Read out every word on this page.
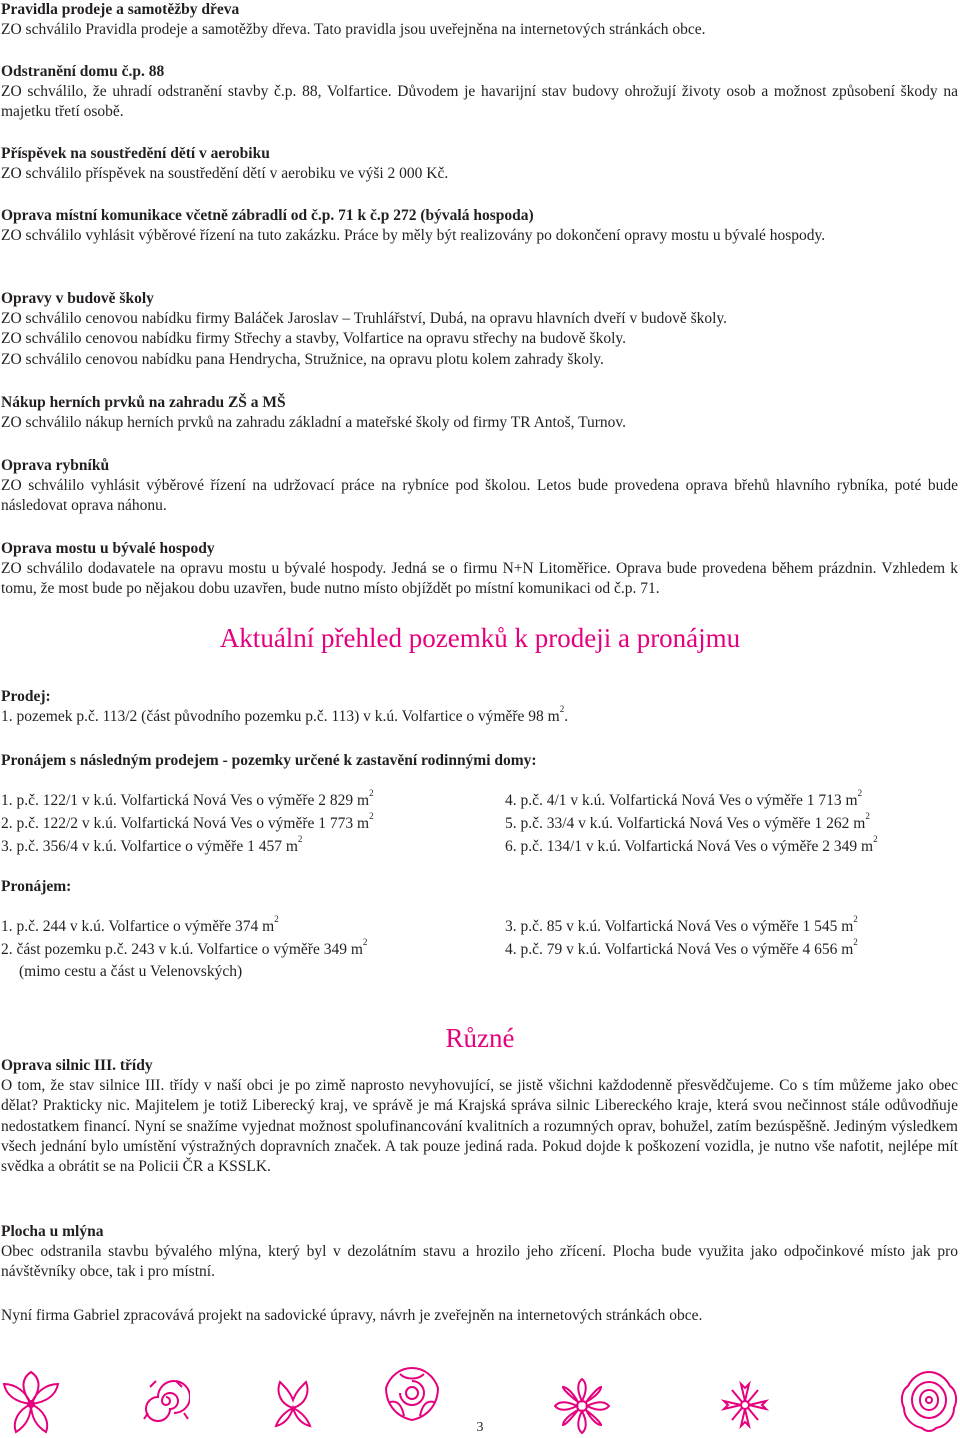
Pravidla prodeje a samotěžby dřeva

ZO schválilo Pravidla prodeje a samotěžby dřeva. Tato pravidla jsou uveřejněna na internetových stránkách obce.

Odstranění domu č.p. 88

ZO schválilo, že uhradí odstranění stavby č.p. 88, Volfartice. Důvodem je havarijní stav budovy ohrožují životy osob a možnost způsobení škody na majetku třetí osobě.

Příspěvek na soustředění dětí v aerobiku

ZO schválilo příspěvek na soustředění dětí v aerobiku ve výši 2 000 Kč.

Oprava místní komunikace včetně zábradlí od č.p. 71 k č.p 272 (bývalá hospoda)

ZO schválilo vyhlásit výběrové řízení na tuto zakázku. Práce by měly být realizovány po dokončení opravy mostu u bývalé hospody.

Opravy v budově školy

ZO schválilo cenovou nabídku firmy Baláček Jaroslav – Truhlářství, Dubá, na opravu hlavních dveří v budově školy.

ZO schválilo cenovou nabídku firmy Střechy a stavby, Volfartice na opravu střechy na budově školy.

ZO schválilo cenovou nabídku pana Hendrycha, Stružnice, na opravu plotu kolem zahrady školy.

Nákup herních prvků na zahradu ZŠ a MŠ

ZO schválilo nákup herních prvků na zahradu základní a mateřské školy od firmy TR Antoš, Turnov.

Oprava rybníků

ZO schválilo vyhlásit výběrové řízení na udržovací práce na rybníce pod školou. Letos bude provedena oprava břehů hlavního rybníka, poté bude následovat oprava náhonu.

Oprava mostu u bývalé hospody

ZO schválilo dodavatele na opravu mostu u bývalé hospody. Jedná se o firmu N+N Litoměřice. Oprava bude provedena během prázdnin. Vzhledem k tomu, že most bude po nějakou dobu uzavřen, bude nutno místo objíždět po místní komunikaci od č.p. 71.

Aktuální přehled pozemků k prodeji a pronájmu

Prodej:

1. pozemek p.č. 113/2 (část původního pozemku p.č. 113) v k.ú. Volfartice o výměře 98 $m^2$.

Pronájem s následným prodejem - pozemky určené k zastavění rodinnými domy:

1. p.č. 122/1 v k.ú. Volfartická Nová Ves o výměře 2 829 $m^2$	4. p.č. 4/1 v k.ú. Volfartická Nová Ves o výměře 1 713 $m^2$
2. p.č. 122/2 v k.ú. Volfartická Nová Ves o výměře 1 773 $m^2$	5. p.č. 33/4 v k.ú. Volfartická Nová Ves o výměře 1 262 $m^2$
3. p.č. 356/4 v k.ú. Volfartice o výměře 1 457 $m^2$	6. p.č. 134/1 v k.ú. Volfartická Nová Ves o výměře 2 349 $m^2$

Pronájem:

1. p.č. 244 v k.ú. Volfartice o výměře 374 $m^2$	3. p.č. 85 v k.ú. Volfartická Nová Ves o výměře 1 545 $m^2$
2. část pozemku p.č. 243 v k.ú. Volfartice o výměře 349 $m^2$	4. p.č. 79 v k.ú. Volfartická Nová Ves o výměře 4 656 $m^2$
(mimo cestu a část u Velenovských)
Různé

Oprava silnic III. třídy

O tom, že stav silnice III. třídy v naší obci je po zimě naprosto nevyhovující, se jistě všichni každodenně přesvědčujeme. Co s tím můžeme jako obec dělat? Prakticky nic. Majitelem je totiž Liberecký kraj, ve správě je má Krajská správa silnic Libereckého kraje, která svou nečinnost stále odůvodňuje nedostatkem financí. Nyní se snažíme vyjednat možnost spolufinancování kvalitních a rozumných oprav, bohužel, zatím bezúspěšně. Jediným výsledkem všech jednání bylo umístění výstražných dopravních značek. A tak pouze jediná rada. Pokud dojde k poškození vozidla, je nutno vše nafotit, nejlépe mít svědka a obrátit se na Policii ČR a KSSLK.

Plocha u mlýna

Obec odstranila stavbu bývalého mlýna, který byl v dezolátním stavu a hrozilo jeho zřícení. Plocha bude využita jako odpočinkové místo jak pro návštěvníky obce, tak i pro místní.

Nyní firma Gabriel zpracovává projekt na sadovické úpravy, návrh je zveřejněn na internetových stránkách obce.

3
